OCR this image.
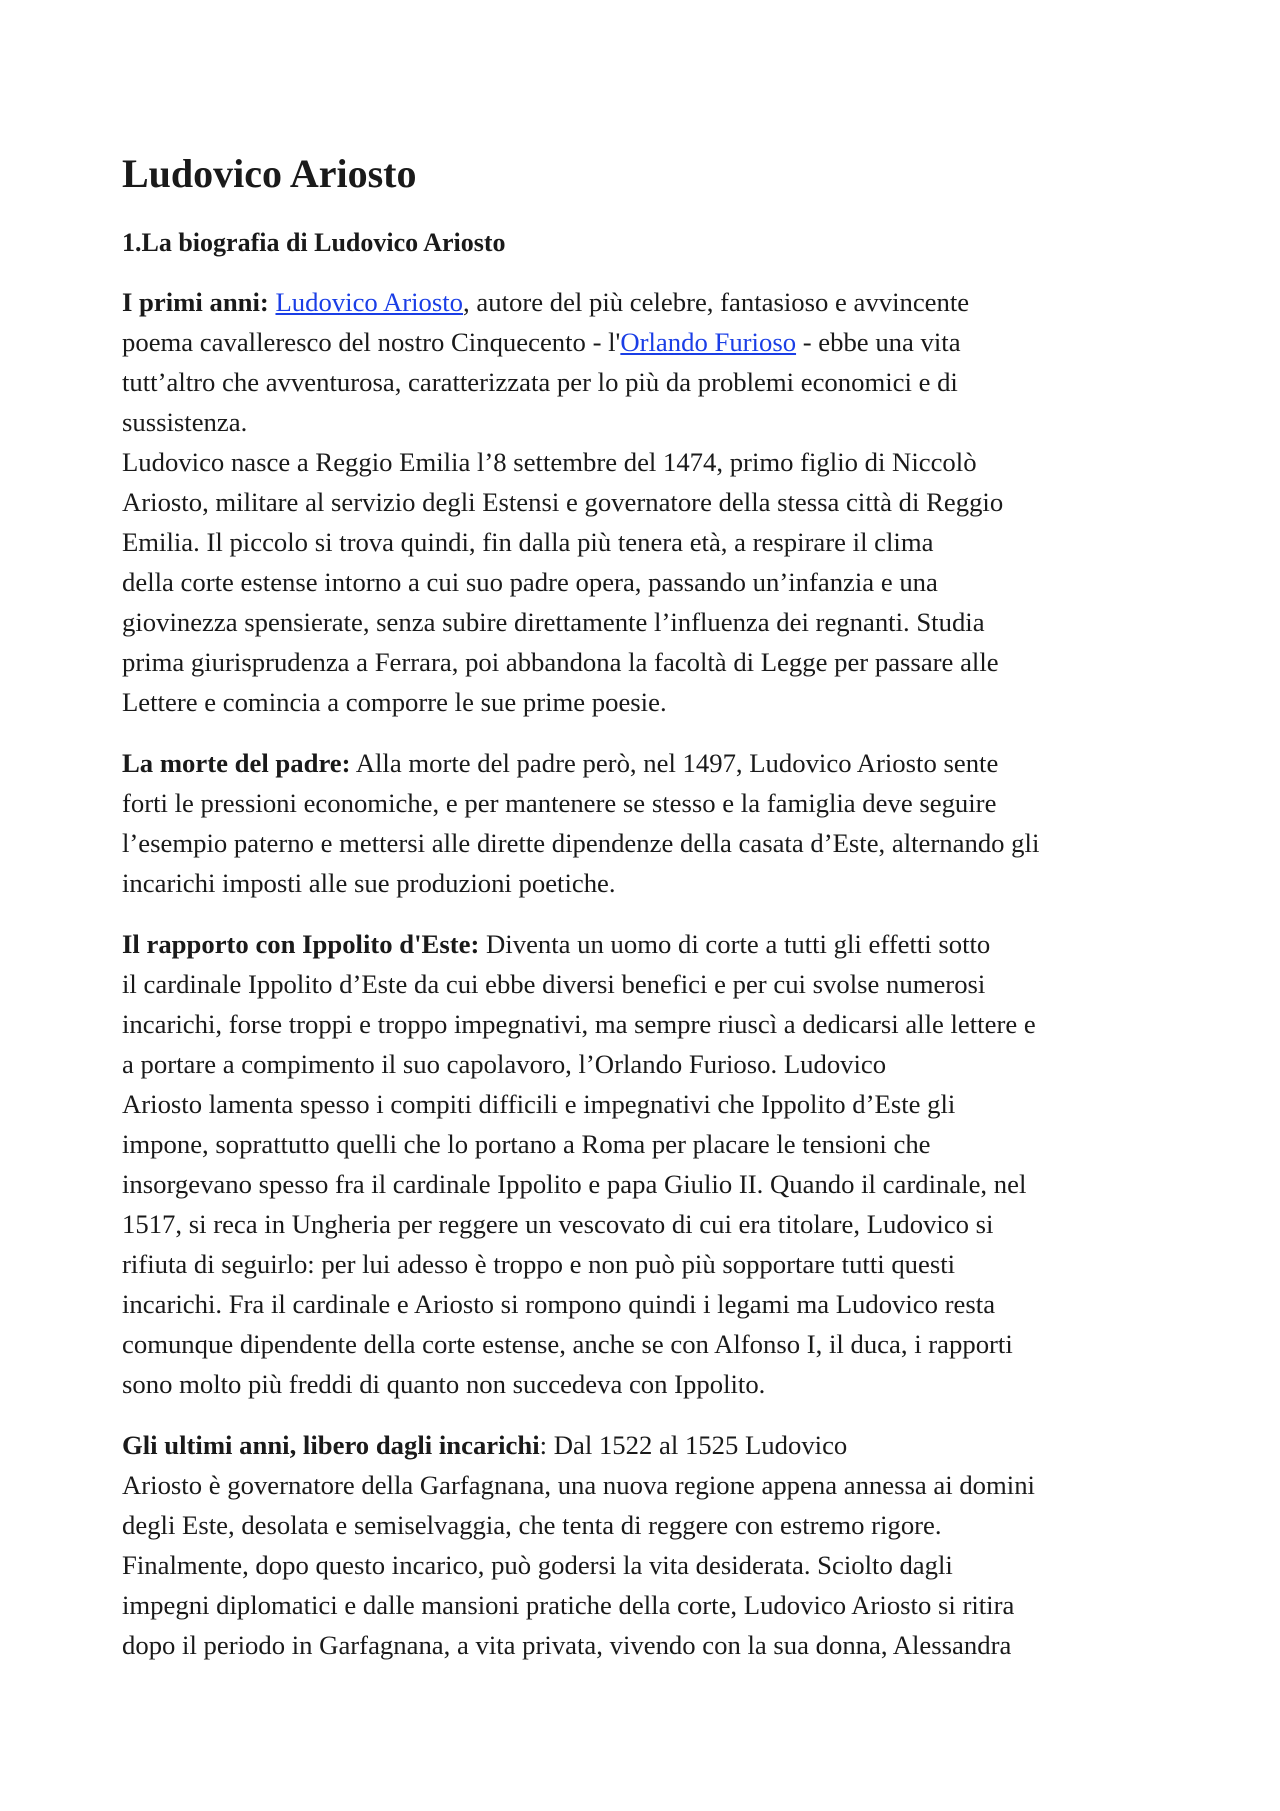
Ludovico Ariosto
1.La biografia di Ludovico Ariosto

I primi anni: Ludovico Ariosto, autore del più celebre, fantasioso e avvincente
poema cavalleresco del nostro Cinquecento - l'Orlando Furioso - ebbe una vita
tutt’altro che avventurosa, caratterizzata per lo più da problemi economici e di
sussistenza.
Ludovico nasce a Reggio Emilia l’8 settembre del 1474, primo figlio di Niccolò
Ariosto, militare al servizio degli Estensi e governatore della stessa città di Reggio
Emilia. Il piccolo si trova quindi, fin dalla più tenera età, a respirare il clima
della corte estense intorno a cui suo padre opera, passando un’infanzia e una
giovinezza spensierate, senza subire direttamente l’influenza dei regnanti. Studia
prima giurisprudenza a Ferrara, poi abbandona la facoltà di Legge per passare alle
Lettere e comincia a comporre le sue prime poesie.

La morte del padre: Alla morte del padre però, nel 1497, Ludovico Ariosto sente
forti le pressioni economiche, e per mantenere se stesso e la famiglia deve seguire
l’esempio paterno e mettersi alle dirette dipendenze della casata d’Este, alternando gli
incarichi imposti alle sue produzioni poetiche.

Il rapporto con Ippolito d'Este: Diventa un uomo di corte a tutti gli effetti sotto
il cardinale Ippolito d’Este da cui ebbe diversi benefici e per cui svolse numerosi
incarichi, forse troppi e troppo impegnativi, ma sempre riuscì a dedicarsi alle lettere e
a portare a compimento il suo capolavoro, l’Orlando Furioso. Ludovico
Ariosto lamenta spesso i compiti difficili e impegnativi che Ippolito d’Este gli
impone, soprattutto quelli che lo portano a Roma per placare le tensioni che
insorgevano spesso fra il cardinale Ippolito e papa Giulio II. Quando il cardinale, nel
1517, si reca in Ungheria per reggere un vescovato di cui era titolare, Ludovico si
rifiuta di seguirlo: per lui adesso è troppo e non può più sopportare tutti questi
incarichi. Fra il cardinale e Ariosto si rompono quindi i legami ma Ludovico resta
comunque dipendente della corte estense, anche se con Alfonso I, il duca, i rapporti
sono molto più freddi di quanto non succedeva con Ippolito.

Gli ultimi anni, libero dagli incarichi: Dal 1522 al 1525 Ludovico
Ariosto è governatore della Garfagnana, una nuova regione appena annessa ai domini
degli Este, desolata e semiselvaggia, che tenta di reggere con estremo rigore.
Finalmente, dopo questo incarico, può godersi la vita desiderata. Sciolto dagli
impegni diplomatici e dalle mansioni pratiche della corte, Ludovico Ariosto si ritira
dopo il periodo in Garfagnana, a vita privata, vivendo con la sua donna, Alessandra
